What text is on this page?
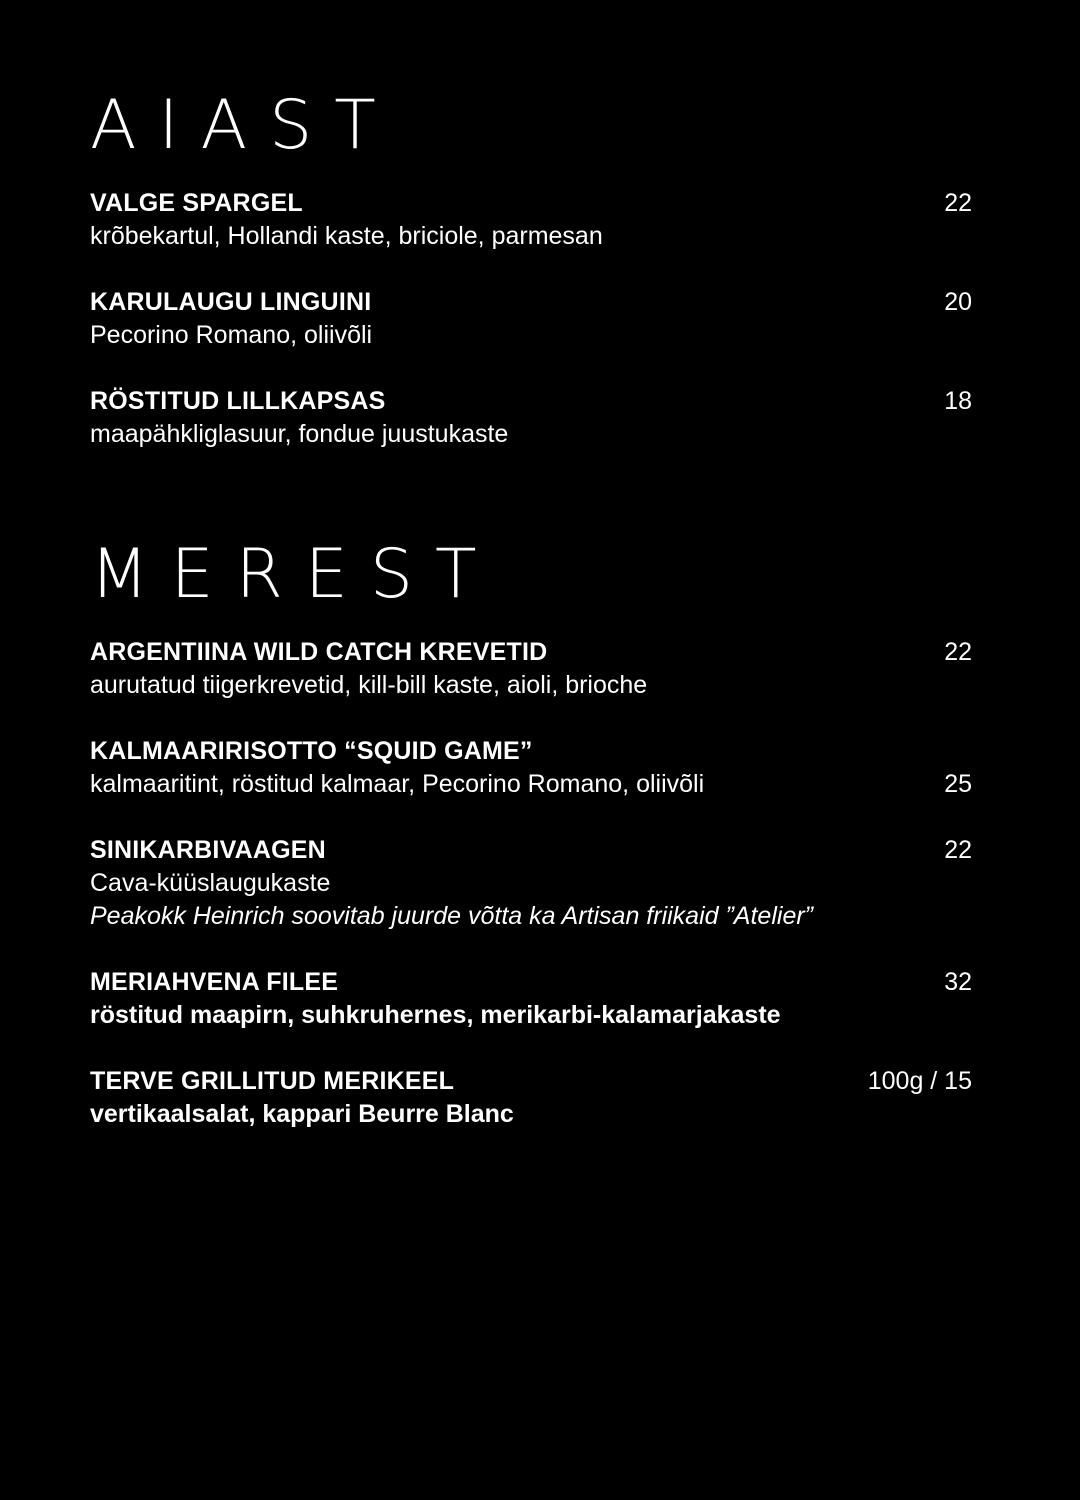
AIAST
VALGE SPARGEL	22
krõbekartul, Hollandi kaste, briciole, parmesan
KARULAUGU LINGUINI	20
Pecorino Romano, oliivõli
RÖSTITUD LILLKAPSAS	18
maapähkliglasuur, fondue juustukaste
MEREST
ARGENTIINA WILD CATCH KREVETID	22
aurutatud tiigerkrevetid, kill-bill kaste, aioli, brioche
KALMAARIRISOTTO “SQUID GAME”
kalmaaritint, röstitud kalmaar, Pecorino Romano, oliivõli	25
SINIKARBIVAAGEN	22
Cava-küüslaugukaste
Peakokk Heinrich soovitab juurde võtta ka Artisan friikaid ”Atelier”
MERIAHVENA FILEE	32
röstitud maapirn, suhkruhernes, merikarbi-kalamarjakaste
TERVE GRILLITUD MERIKEEL	100g / 15
vertikaalsalat, kappari Beurre Blanc
